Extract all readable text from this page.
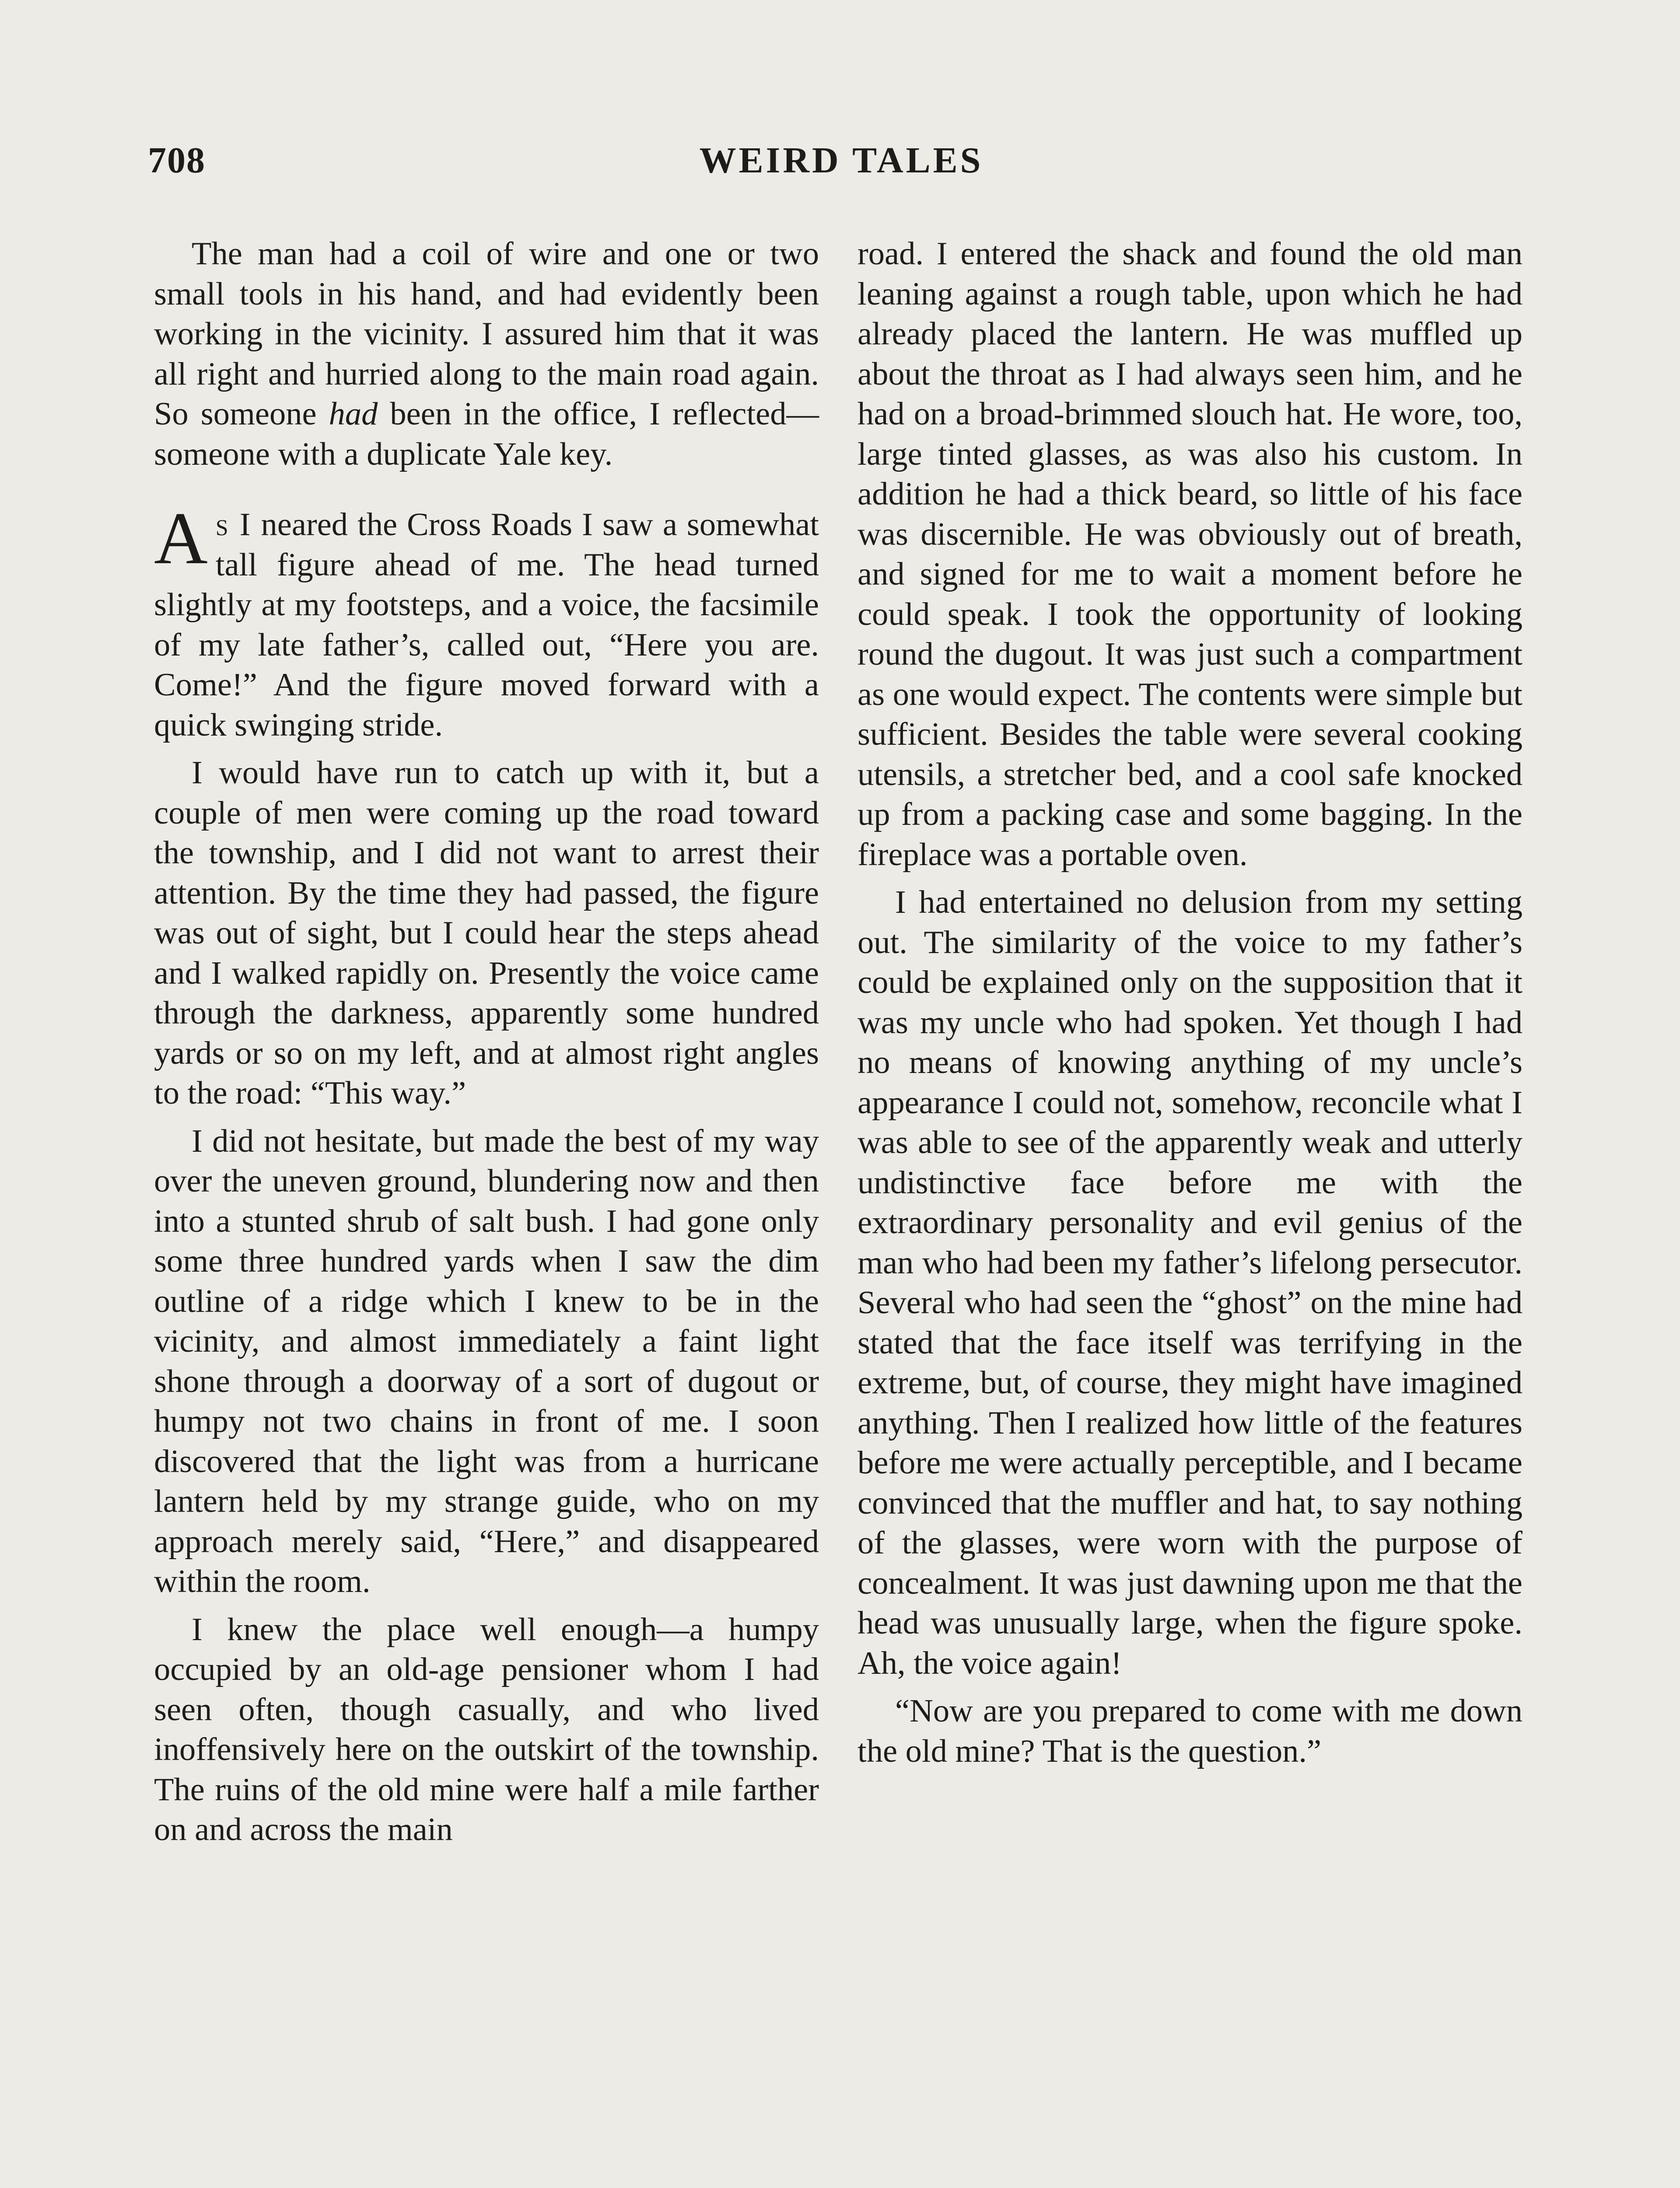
708	WEIRD TALES

The man had a coil of wire and one or two small tools in his hand, and had evidently been working in the vicinity. I assured him that it was all right and hurried along to the main road again. So someone had been in the office, I reflected—someone with a duplicate Yale key.

As I neared the Cross Roads I saw a somewhat tall figure ahead of me. The head turned slightly at my footsteps, and a voice, the facsimile of my late father’s, called out, “Here you are. Come!” And the figure moved forward with a quick swinging stride.

I would have run to catch up with it, but a couple of men were coming up the road toward the township, and I did not want to arrest their attention. By the time they had passed, the figure was out of sight, but I could hear the steps ahead and I walked rapidly on. Presently the voice came through the darkness, apparently some hundred yards or so on my left, and at almost right angles to the road: “This way.”

I did not hesitate, but made the best of my way over the uneven ground, blundering now and then into a stunted shrub of salt bush. I had gone only some three hundred yards when I saw the dim outline of a ridge which I knew to be in the vicinity, and almost immediately a faint light shone through a doorway of a sort of dugout or humpy not two chains in front of me. I soon discovered that the light was from a hurricane lantern held by my strange guide, who on my approach merely said, “Here,” and disappeared within the room.

I knew the place well enough—a humpy occupied by an old-age pensioner whom I had seen often, though casually, and who lived inoffensively here on the outskirt of the township. The ruins of the old mine were half a mile farther on and across the main

road. I entered the shack and found the old man leaning against a rough table, upon which he had already placed the lantern. He was muffled up about the throat as I had always seen him, and he had on a broad-brimmed slouch hat. He wore, too, large tinted glasses, as was also his custom. In addition he had a thick beard, so little of his face was discernible. He was obviously out of breath, and signed for me to wait a moment before he could speak. I took the opportunity of looking round the dugout. It was just such a compartment as one would expect. The contents were simple but sufficient. Besides the table were several cooking utensils, a stretcher bed, and a cool safe knocked up from a packing case and some bagging. In the fireplace was a portable oven.

I had entertained no delusion from my setting out. The similarity of the voice to my father’s could be explained only on the supposition that it was my uncle who had spoken. Yet though I had no means of knowing anything of my uncle’s appearance I could not, somehow, reconcile what I was able to see of the apparently weak and utterly undistinctive face before me with the extraordinary personality and evil genius of the man who had been my father’s lifelong persecutor. Several who had seen the “ghost” on the mine had stated that the face itself was terrifying in the extreme, but, of course, they might have imagined anything. Then I realized how little of the features before me were actually perceptible, and I became convinced that the muffler and hat, to say nothing of the glasses, were worn with the purpose of concealment. It was just dawning upon me that the head was unusually large, when the figure spoke. Ah, the voice again!

“Now are you prepared to come with me down the old mine? That is the question.”
